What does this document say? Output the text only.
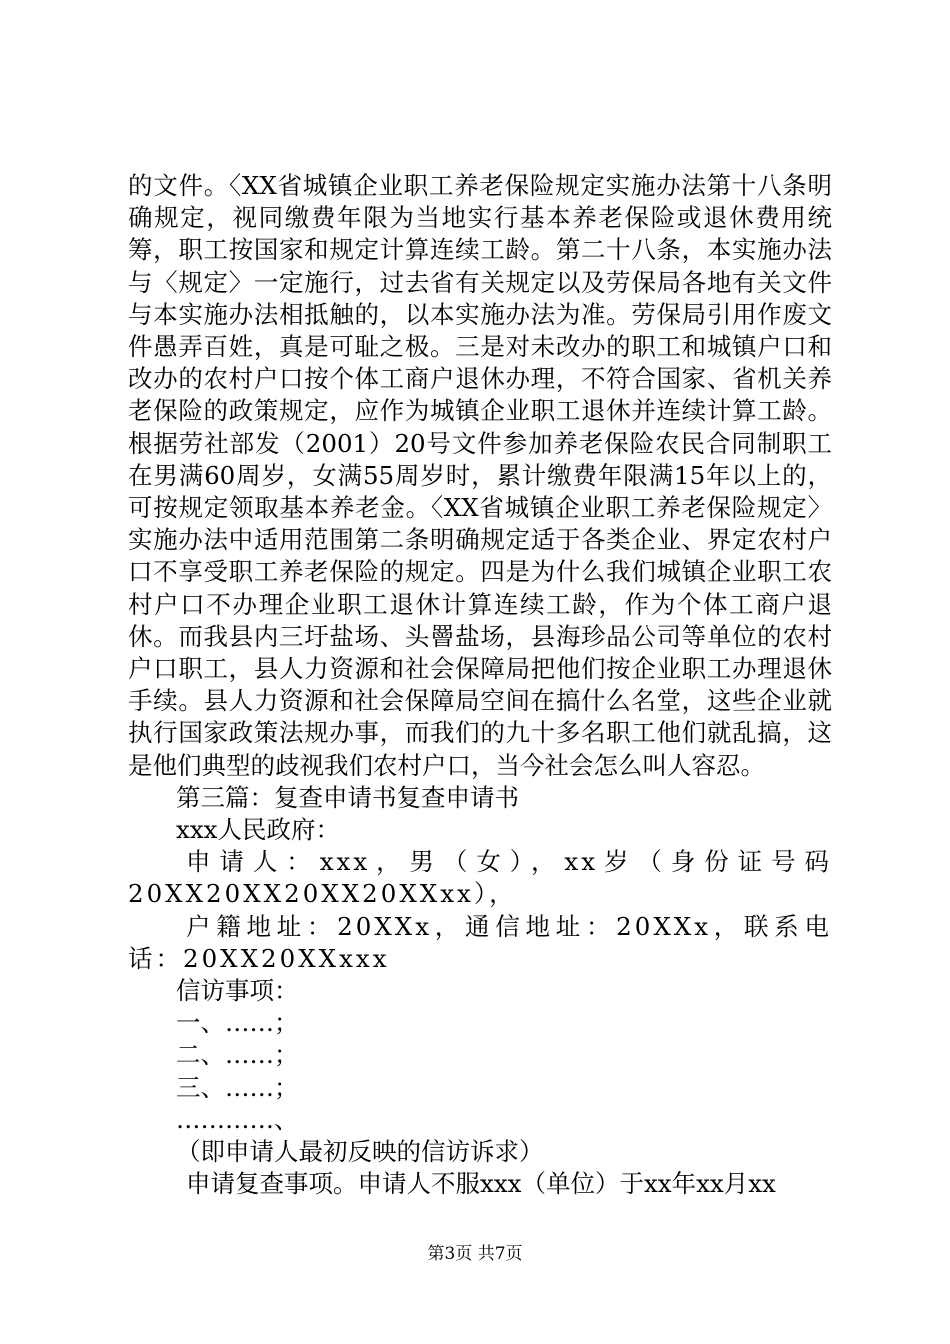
的文件。〈XX省城镇企业职工养老保险规定实施办法第十八条明确规定，视同缴费年限为当地实行基本养老保险或退休费用统筹，职工按国家和规定计算连续工龄。第二十八条，本实施办法与〈规定〉一定施行，过去省有关规定以及劳保局各地有关文件与本实施办法相抵触的，以本实施办法为准。劳保局引用作废文件愚弄百姓，真是可耻之极。三是对未改办的职工和城镇户口和改办的农村户口按个体工商户退休办理，不符合国家、省机关养老保险的政策规定，应作为城镇企业职工退休并连续计算工龄。根据劳社部发（2001）20号文件参加养老保险农民合同制职工在男满60周岁，女满55周岁时，累计缴费年限满15年以上的，可按规定领取基本养老金。〈XX省城镇企业职工养老保险规定〉实施办法中适用范围第二条明确规定适于各类企业、界定农村户口不享受职工养老保险的规定。四是为什么我们城镇企业职工农村户口不办理企业职工退休计算连续工龄，作为个体工商户退休。而我县内三圩盐场、头罾盐场，县海珍品公司等单位的农村户口职工，县人力资源和社会保障局把他们按企业职工办理退休手续。县人力资源和社会保障局空间在搞什么名堂，这些企业就执行国家政策法规办事，而我们的九十多名职工他们就乱搞，这是他们典型的歧视我们农村户口，当今社会怎么叫人容忍。

第三篇：复查申请书复查申请书

xxx人民政府：

申请人：xxx，男（女），xx岁（身份证号码20XX20XX20XX20XXxx），

户籍地址：20XXx，通信地址：20XXx，联系电话：20XX20XXxxx

信访事项：

一、……；

二、……；

三、……；

…………、

（即申请人最初反映的信访诉求）

申请复查事项。申请人不服xxx（单位）于xx年xx月xx

第3页 共7页
